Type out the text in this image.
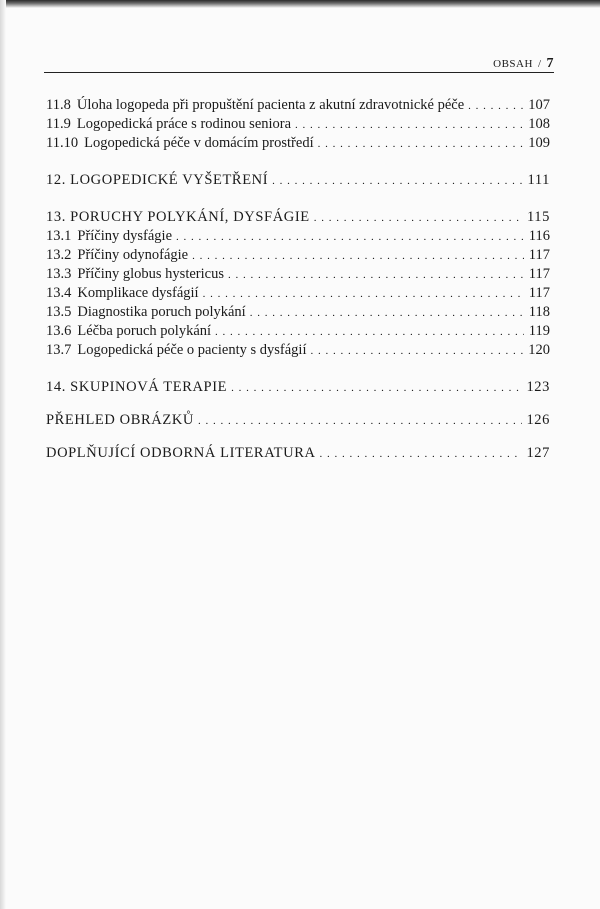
OBSAH / 7
11.8 Úloha logopeda při propuštění pacienta z akutní zdravotnické péče . . .	107
11.9 Logopedická práce s rodinou seniora . . .	108
11.10 Logopedická péče v domácím prostředí . . .	109
12. LOGOPEDICKÉ VYŠETŘENÍ . . .	111
13. PORUCHY POLYKÁNÍ, DYSFÁGIE . . .	115
13.1 Příčiny dysfágie . . .	116
13.2 Příčiny odynofágie . . .	117
13.3 Příčiny globus hystericus . . .	117
13.4 Komplikace dysfágií . . .	117
13.5 Diagnostika poruch polykání . . .	118
13.6 Léčba poruch polykání . . .	119
13.7 Logopedická péče o pacienty s dysfágií . . .	120
14. SKUPINOVÁ TERAPIE . . .	123
PŘEHLED OBRÁZKŮ . . .	126
DOPLŇUJÍCÍ ODBORNÁ LITERATURA . . .	127
